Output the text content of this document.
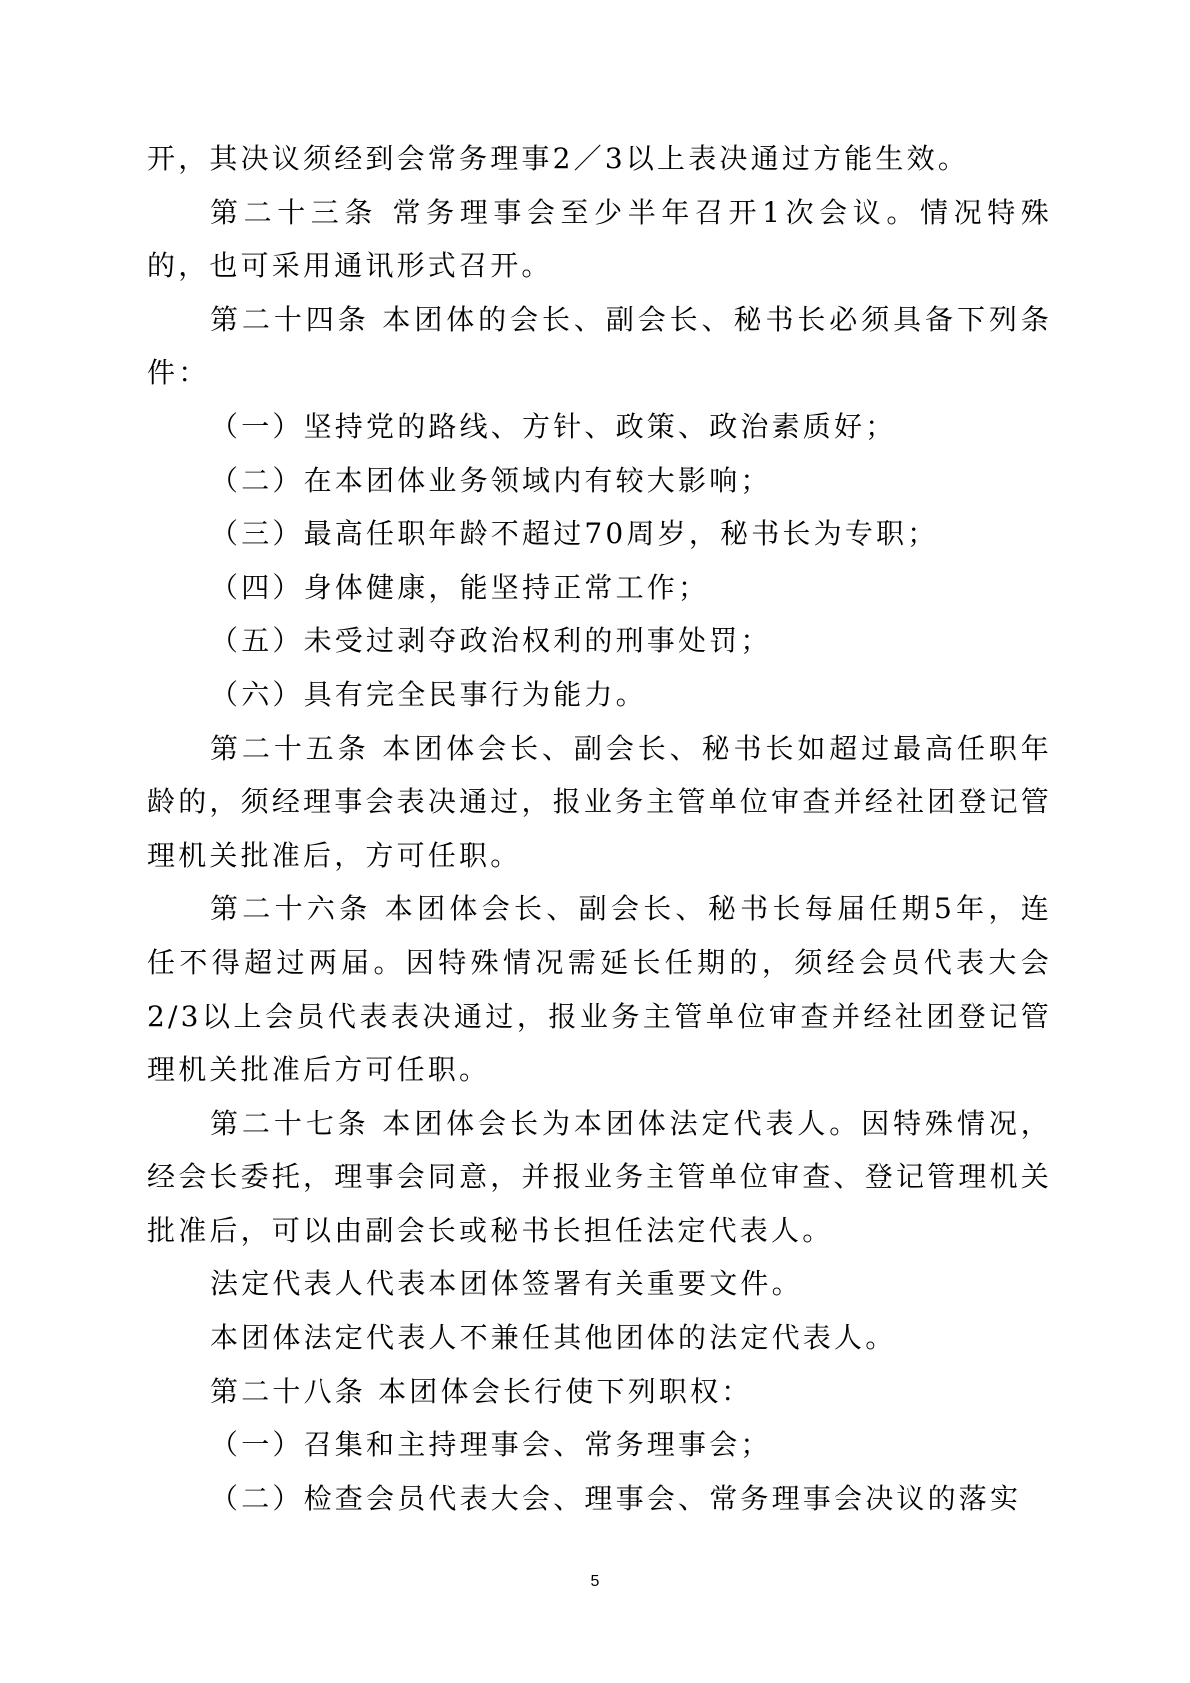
开，其决议须经到会常务理事2／3以上表决通过方能生效。

第二十三条 常务理事会至少半年召开1次会议。情况特殊的，也可采用通讯形式召开。

第二十四条 本团体的会长、副会长、秘书长必须具备下列条件：

（一）坚持党的路线、方针、政策、政治素质好；

（二）在本团体业务领域内有较大影响；

（三）最高任职年龄不超过70周岁，秘书长为专职；

（四）身体健康，能坚持正常工作；

（五）未受过剥夺政治权利的刑事处罚；

（六）具有完全民事行为能力。

第二十五条 本团体会长、副会长、秘书长如超过最高任职年龄的，须经理事会表决通过，报业务主管单位审查并经社团登记管理机关批准后，方可任职。

第二十六条 本团体会长、副会长、秘书长每届任期5年，连任不得超过两届。因特殊情况需延长任期的，须经会员代表大会2/3以上会员代表表决通过，报业务主管单位审查并经社团登记管理机关批准后方可任职。

第二十七条 本团体会长为本团体法定代表人。因特殊情况，经会长委托，理事会同意，并报业务主管单位审查、登记管理机关批准后，可以由副会长或秘书长担任法定代表人。

法定代表人代表本团体签署有关重要文件。

本团体法定代表人不兼任其他团体的法定代表人。

第二十八条 本团体会长行使下列职权：

（一）召集和主持理事会、常务理事会；

（二）检查会员代表大会、理事会、常务理事会决议的落实

5
